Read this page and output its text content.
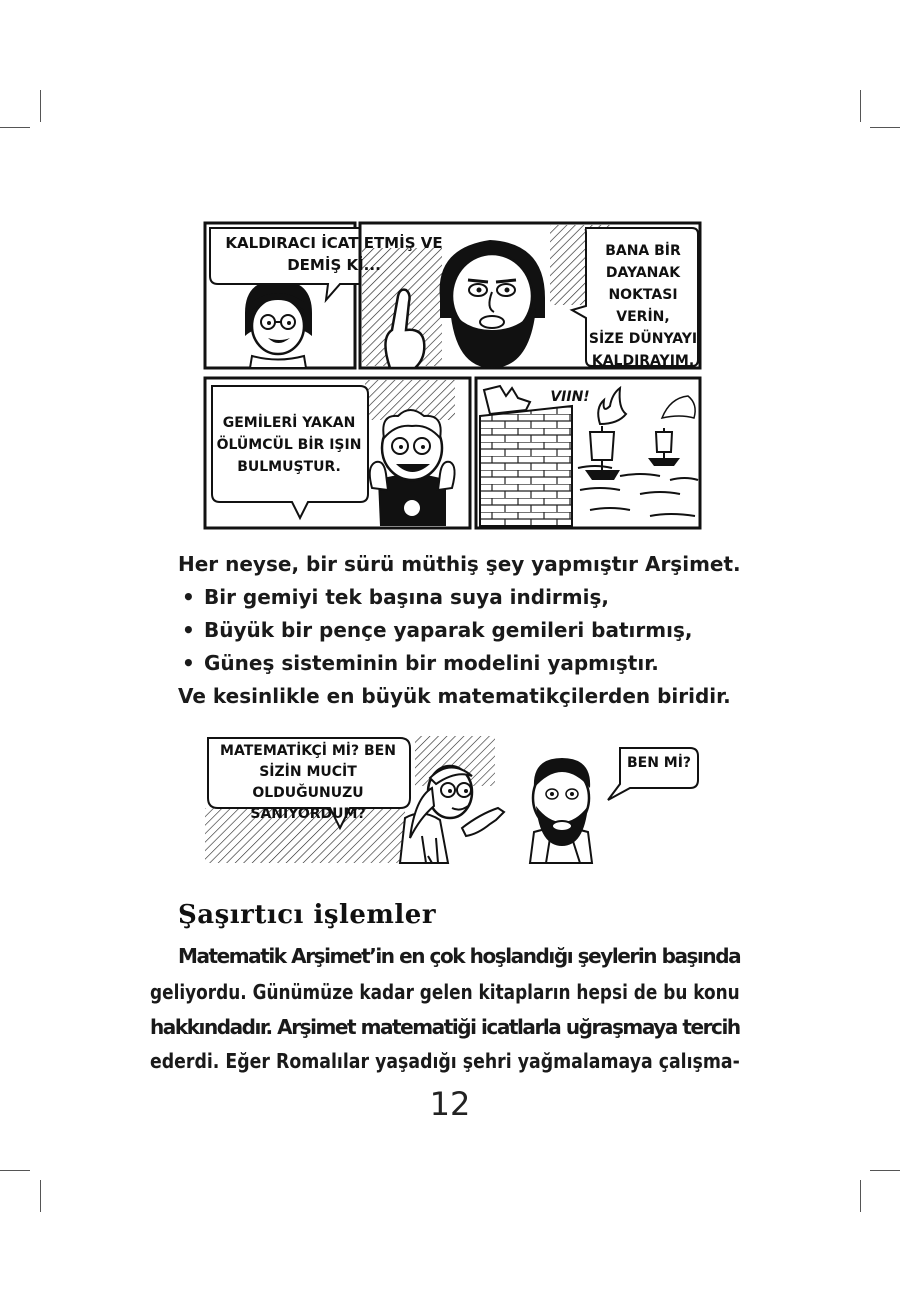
KALDIRACI İCAT ETMİŞ VE
DEMİŞ Kİ...
BANA BİR
DAYANAK
NOKTASI VERİN,
SİZE DÜNYAYI
KALDIRAYIM.
GEMİLERİ YAKAN
ÖLÜMCÜL BİR IŞIN
BULMUŞTUR.
VIIN!
Her neyse, bir sürü müthiş şey yapmıştır Arşimet.
• Bir gemiyi tek başına suya indirmiş,
• Büyük bir pençe yaparak gemileri batırmış,
• Güneş sisteminin bir modelini yapmıştır.
Ve kesinlikle en büyük matematikçilerden biridir.
MATEMATİKÇİ Mİ? BEN
SİZİN MUCİT OLDUĞUNUZU
SANIYORDUM?
BEN Mİ?
Şaşırtıcı işlemler
Matematik Arşimet’in en çok hoşlandığı şeylerin başında
geliyordu. Günümüze kadar gelen kitapların hepsi de bu konu
hakkındadır. Arşimet matematiği icatlarla uğraşmaya tercih
ederdi. Eğer Romalılar yaşadığı şehri yağmalamaya çalışma-
12
